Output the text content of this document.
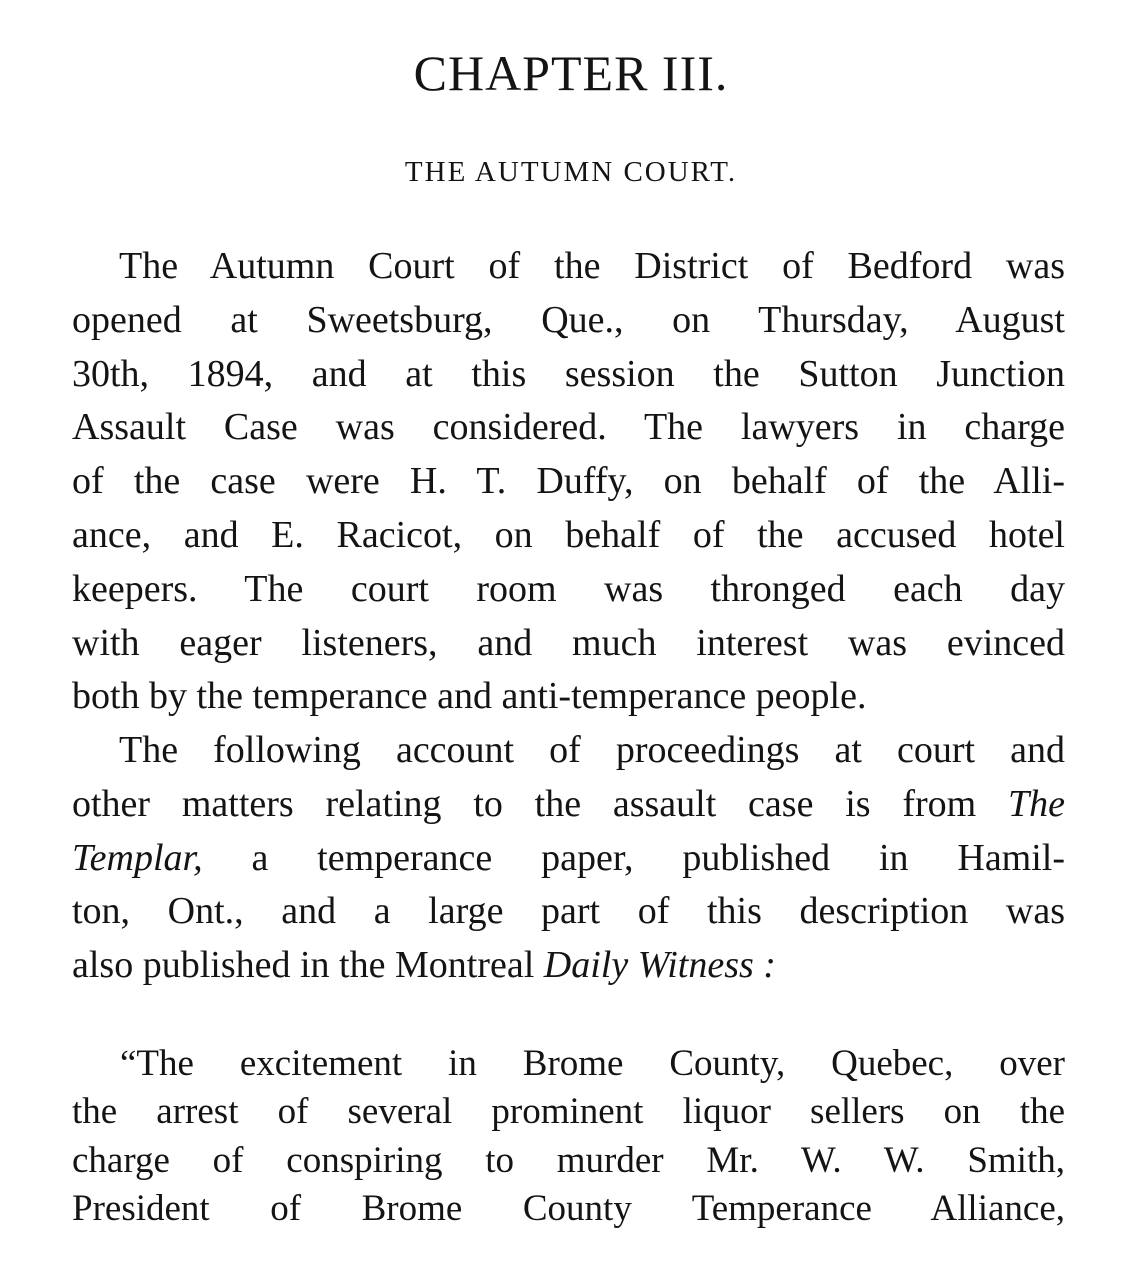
CHAPTER III.
THE AUTUMN COURT.
The Autumn Court of the District of Bedford was
opened at Sweetsburg, Que., on Thursday, August
30th, 1894, and at this session the Sutton Junction
Assault Case was considered. The lawyers in charge
of the case were H. T. Duffy, on behalf of the Alli-
ance, and E. Racicot, on behalf of the accused hotel
keepers. The court room was thronged each day
with eager listeners, and much interest was evinced
both by the temperance and anti-temperance people.
The following account of proceedings at court and
other matters relating to the assault case is from The
Templar, a temperance paper, published in Hamil-
ton, Ont., and a large part of this description was
also published in the Montreal Daily Witness :
“The excitement in Brome County, Quebec, over
the arrest of several prominent liquor sellers on the
charge of conspiring to murder Mr. W. W. Smith,
President of Brome County Temperance Alliance,
